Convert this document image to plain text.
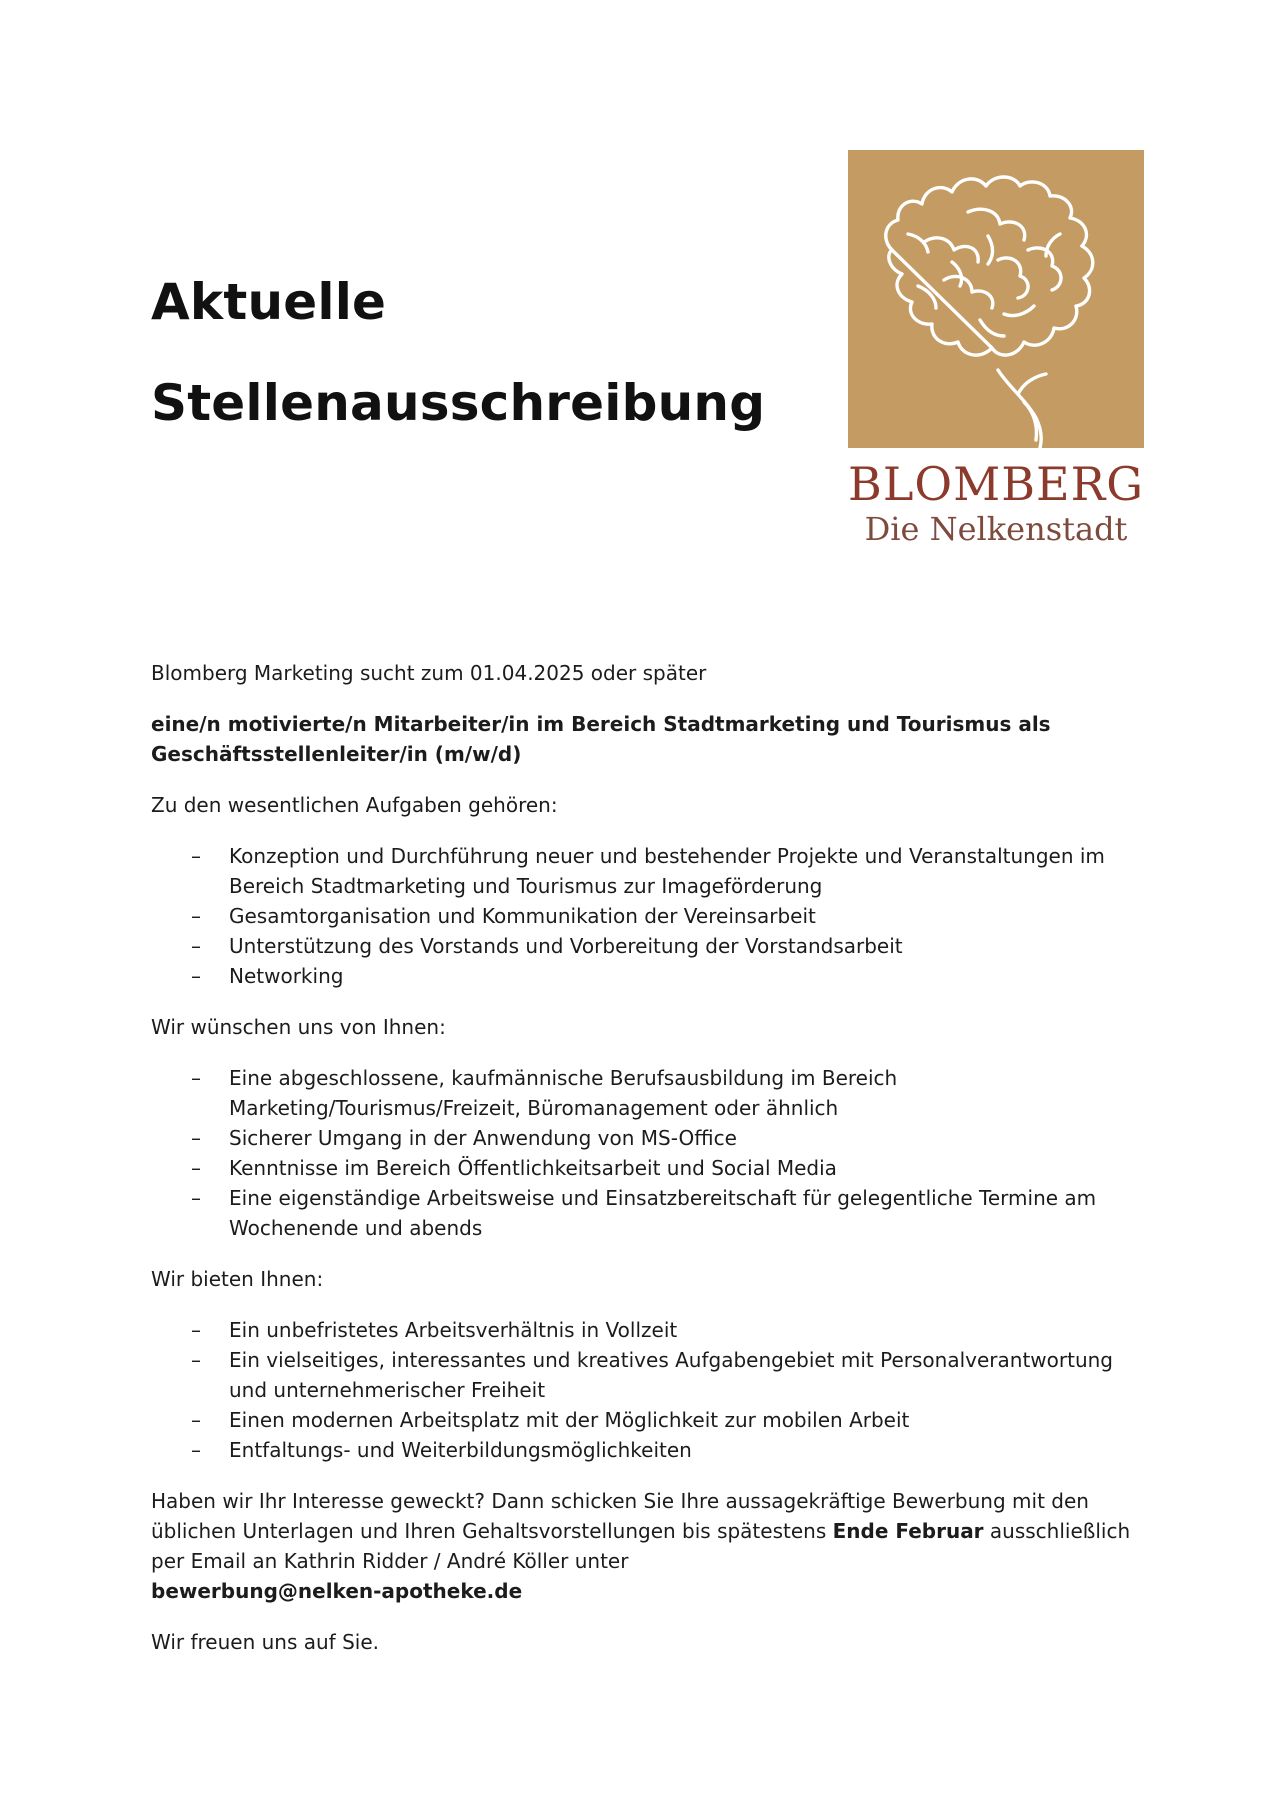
Aktuelle
Stellenausschreibung
BLOMBERG
Die Nelkenstadt

Blomberg Marketing sucht zum 01.04.2025 oder später

eine/n motivierte/n Mitarbeiter/in im Bereich Stadtmarketing und Tourismus als Geschäftsstellenleiter/in (m/w/d)

Zu den wesentlichen Aufgaben gehören:

– Konzeption und Durchführung neuer und bestehender Projekte und Veranstaltungen im Bereich Stadtmarketing und Tourismus zur Imageförderung
– Gesamtorganisation und Kommunikation der Vereinsarbeit
– Unterstützung des Vorstands und Vorbereitung der Vorstandsarbeit
– Networking

Wir wünschen uns von Ihnen:

– Eine abgeschlossene, kaufmännische Berufsausbildung im Bereich Marketing/Tourismus/Freizeit, Büromanagement oder ähnlich
– Sicherer Umgang in der Anwendung von MS-Office
– Kenntnisse im Bereich Öffentlichkeitsarbeit und Social Media
– Eine eigenständige Arbeitsweise und Einsatzbereitschaft für gelegentliche Termine am Wochenende und abends

Wir bieten Ihnen:

– Ein unbefristetes Arbeitsverhältnis in Vollzeit
– Ein vielseitiges, interessantes und kreatives Aufgabengebiet mit Personalverantwortung und unternehmerischer Freiheit
– Einen modernen Arbeitsplatz mit der Möglichkeit zur mobilen Arbeit
– Entfaltungs- und Weiterbildungsmöglichkeiten

Haben wir Ihr Interesse geweckt? Dann schicken Sie Ihre aussagekräftige Bewerbung mit den üblichen Unterlagen und Ihren Gehaltsvorstellungen bis spätestens Ende Februar ausschließlich per Email an Kathrin Ridder / André Köller unter
bewerbung@nelken-apotheke.de

Wir freuen uns auf Sie.
